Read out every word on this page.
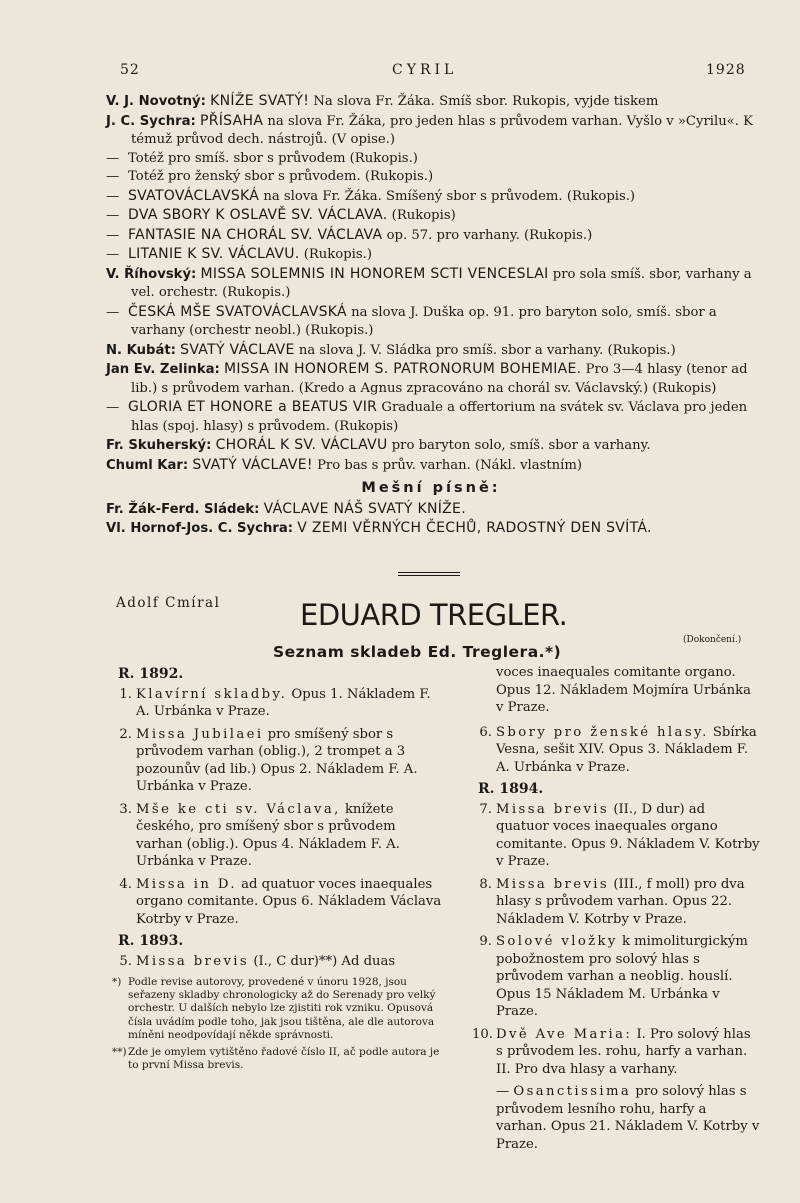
52	CYRIL	1928

V. J. Novotný: KNÍŽE SVATÝ! Na slova Fr. Žáka. Smíš sbor. Rukopis, vyjde tiskem

J. C. Sychra: PŘÍSAHA na slova Fr. Žáka, pro jeden hlas s průvodem varhan. Vyšlo v »Cyrilu«. K témuž průvod dech. nástrojů. (V opise.)

— Totéž pro smíš. sbor s průvodem (Rukopis.)

— Totéž pro ženský sbor s průvodem. (Rukopis.)

— SVATOVÁCLAVSKÁ na slova Fr. Žáka. Smíšený sbor s průvodem. (Rukopis.)

— DVA SBORY K OSLAVĚ SV. VÁCLAVA. (Rukopis)

— FANTASIE NA CHORÁL SV. VÁCLAVA op. 57. pro varhany. (Rukopis.)

— LITANIE K SV. VÁCLAVU. (Rukopis.)

V. Říhovský: MISSA SOLEMNIS IN HONOREM SCTI VENCESLAI pro sola smíš. sbor, varhany a vel. orchestr. (Rukopis.)

— ČESKÁ MŠE SVATOVÁCLAVSKÁ na slova J. Duška op. 91. pro baryton solo, smíš. sbor a varhany (orchestr neobl.) (Rukopis.)

N. Kubát: SVATÝ VÁCLAVE na slova J. V. Sládka pro smíš. sbor a varhany. (Rukopis.)

Jan Ev. Zelinka: MISSA IN HONOREM S. PATRONORUM BOHEMIAE. Pro 3—4 hlasy (tenor ad lib.) s průvodem varhan. (Kredo a Agnus zpracováno na chorál sv. Václavský.) (Rukopis)

— GLORIA ET HONORE a BEATUS VIR Graduale a offertorium na svátek sv. Václava pro jeden hlas (spoj. hlasy) s průvodem. (Rukopis)

Fr. Skuherský: CHORÁL K SV. VÁCLAVU pro baryton solo, smíš. sbor a varhany.

Chuml Kar: SVATÝ VÁCLAVE! Pro bas s prův. varhan. (Nákl. vlastním)

Mešní písně:

Fr. Žák-Ferd. Sládek: VÁCLAVE NÁŠ SVATÝ KNÍŽE.

Vl. Hornof-Jos. C. Sychra: V ZEMI VĚRNÝCH ČECHŮ, RADOSTNÝ DEN SVÍTÁ.

Adolf Cmíral	EDUARD TREGLER.
(Dokončení.)
Seznam skladeb Ed. Treglera.*)
R. 1892.
1. Klavírní skladby. Opus 1. Nákladem F. A. Urbánka v Praze.
2. Missa Jubilaei pro smíšený sbor s průvodem varhan (oblig.), 2 trompet a 3 pozounův (ad lib.) Opus 2. Nákladem F. A. Urbánka v Praze.
3. Mše ke cti sv. Václava, knížete českého, pro smíšený sbor s průvodem varhan (oblig.). Opus 4. Nákladem F. A. Urbánka v Praze.
4. Missa in D. ad quatuor voces inaequales organo comitante. Opus 6. Nákladem Václava Kotrby v Praze.
R. 1893.
5. Missa brevis (I., C dur)**) Ad duas
*) Podle revise autorovy, provedené v únoru 1928, jsou seřazeny skladby chronologicky až do Serenady pro velký orchestr. U dalších nebylo lze zjistiti rok vzniku. Opusová čísla uvádím podle toho, jak jsou tištěna, ale dle autorova míněni neodpovídají někde správnosti.
**) Zde je omylem vytištěno řadové číslo II, ač podle autora je to první Missa brevis.
voces inaequales comitante organo. Opus 12. Nákladem Mojmíra Urbánka v Praze.
6. Sbory pro ženské hlasy. Sbírka Vesna, sešit XIV. Opus 3. Nákladem F. A. Urbánka v Praze.
R. 1894.
7. Missa brevis (II., D dur) ad quatuor voces inaequales organo comitante. Opus 9. Nákladem V. Kotrby v Praze.
8. Missa brevis (III., f moll) pro dva hlasy s průvodem varhan. Opus 22. Nákladem V. Kotrby v Praze.
9. Solové vložky k mimoliturgickým pobožnostem pro solový hlas s průvodem varhan a neoblig. houslí. Opus 15 Nákladem M. Urbánka v Praze.
10. Dvě Ave Maria: I. Pro solový hlas s průvodem les. rohu, harfy a varhan. II. Pro dva hlasy a varhany.
— Osanctissima pro solový hlas s průvodem lesního rohu, harfy a varhan. Opus 21. Nákladem V. Kotrby v Praze.
